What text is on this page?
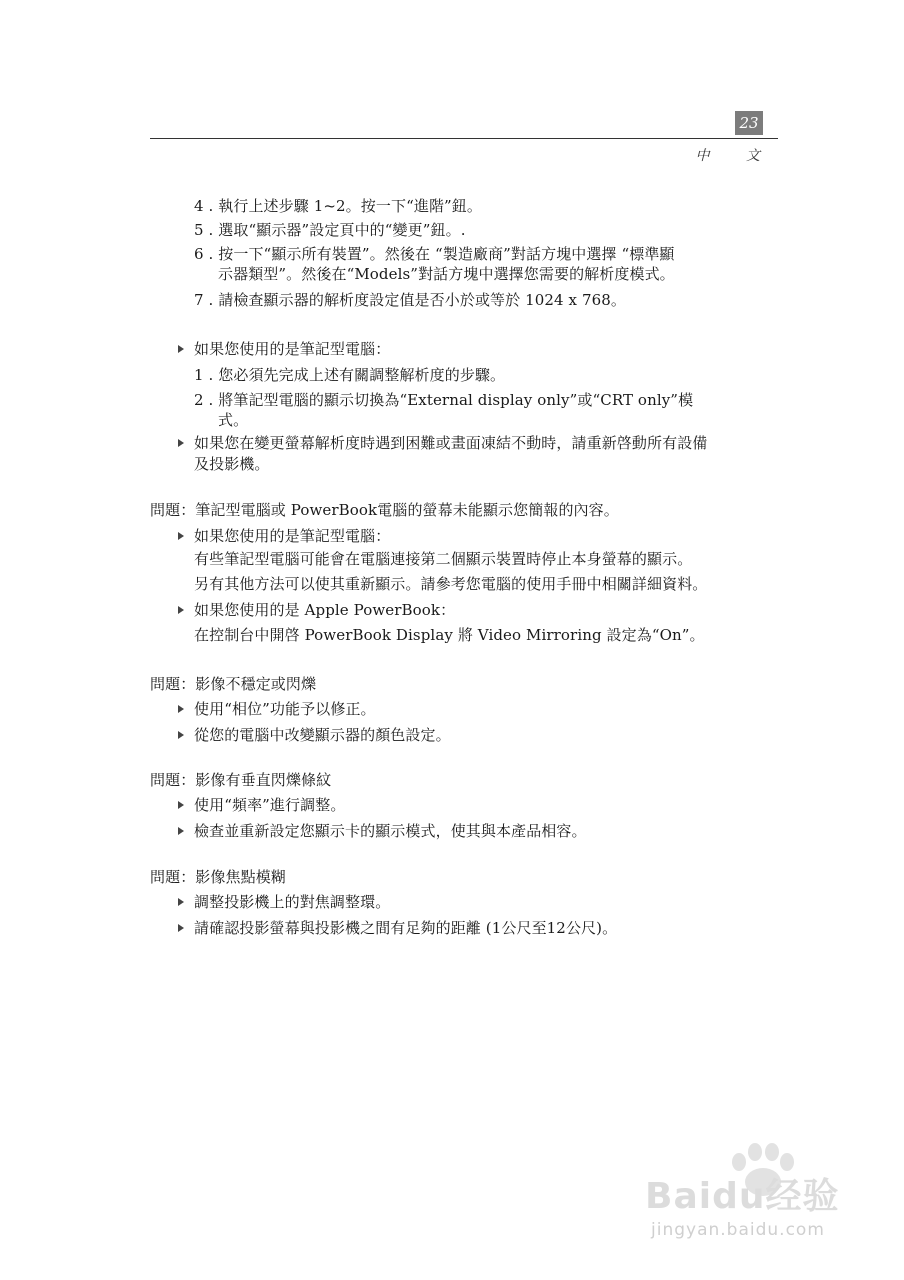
23
中 文
4 . 執行上述步驟 1~2。按一下“進階”鈕。
5 . 選取“顯示器”設定頁中的“變更”鈕。.
6 . 按一下“顯示所有裝置”。然後在 “製造廠商”對話方塊中選擇 “標準顯
示器類型”。然後在“Models”對話方塊中選擇您需要的解析度模式。
7 . 請檢查顯示器的解析度設定值是否小於或等於 1024 x 768。
如果您使用的是筆記型電腦：
1 . 您必須先完成上述有關調整解析度的步驟。
2 . 將筆記型電腦的顯示切換為“External display only”或“CRT only”模
式。
如果您在變更螢幕解析度時遇到困難或畫面凍結不動時，請重新啓動所有設備
及投影機。
問題：筆記型電腦或 PowerBook電腦的螢幕未能顯示您簡報的內容。
如果您使用的是筆記型電腦：
有些筆記型電腦可能會在電腦連接第二個顯示裝置時停止本身螢幕的顯示。
另有其他方法可以使其重新顯示。請參考您電腦的使用手冊中相關詳細資料。
如果您使用的是 Apple PowerBook：
在控制台中開啓 PowerBook Display 將 Video Mirroring 設定為“On”。
問題：影像不穩定或閃爍
使用“相位”功能予以修正。
從您的電腦中改變顯示器的顏色設定。
問題：影像有垂直閃爍條紋
使用“頻率”進行調整。
檢查並重新設定您顯示卡的顯示模式，使其與本產品相容。
問題：影像焦點模糊
調整投影機上的對焦調整環。
請確認投影螢幕與投影機之間有足夠的距離 (1公尺至12公尺)。
Baidu经验
jingyan.baidu.com
